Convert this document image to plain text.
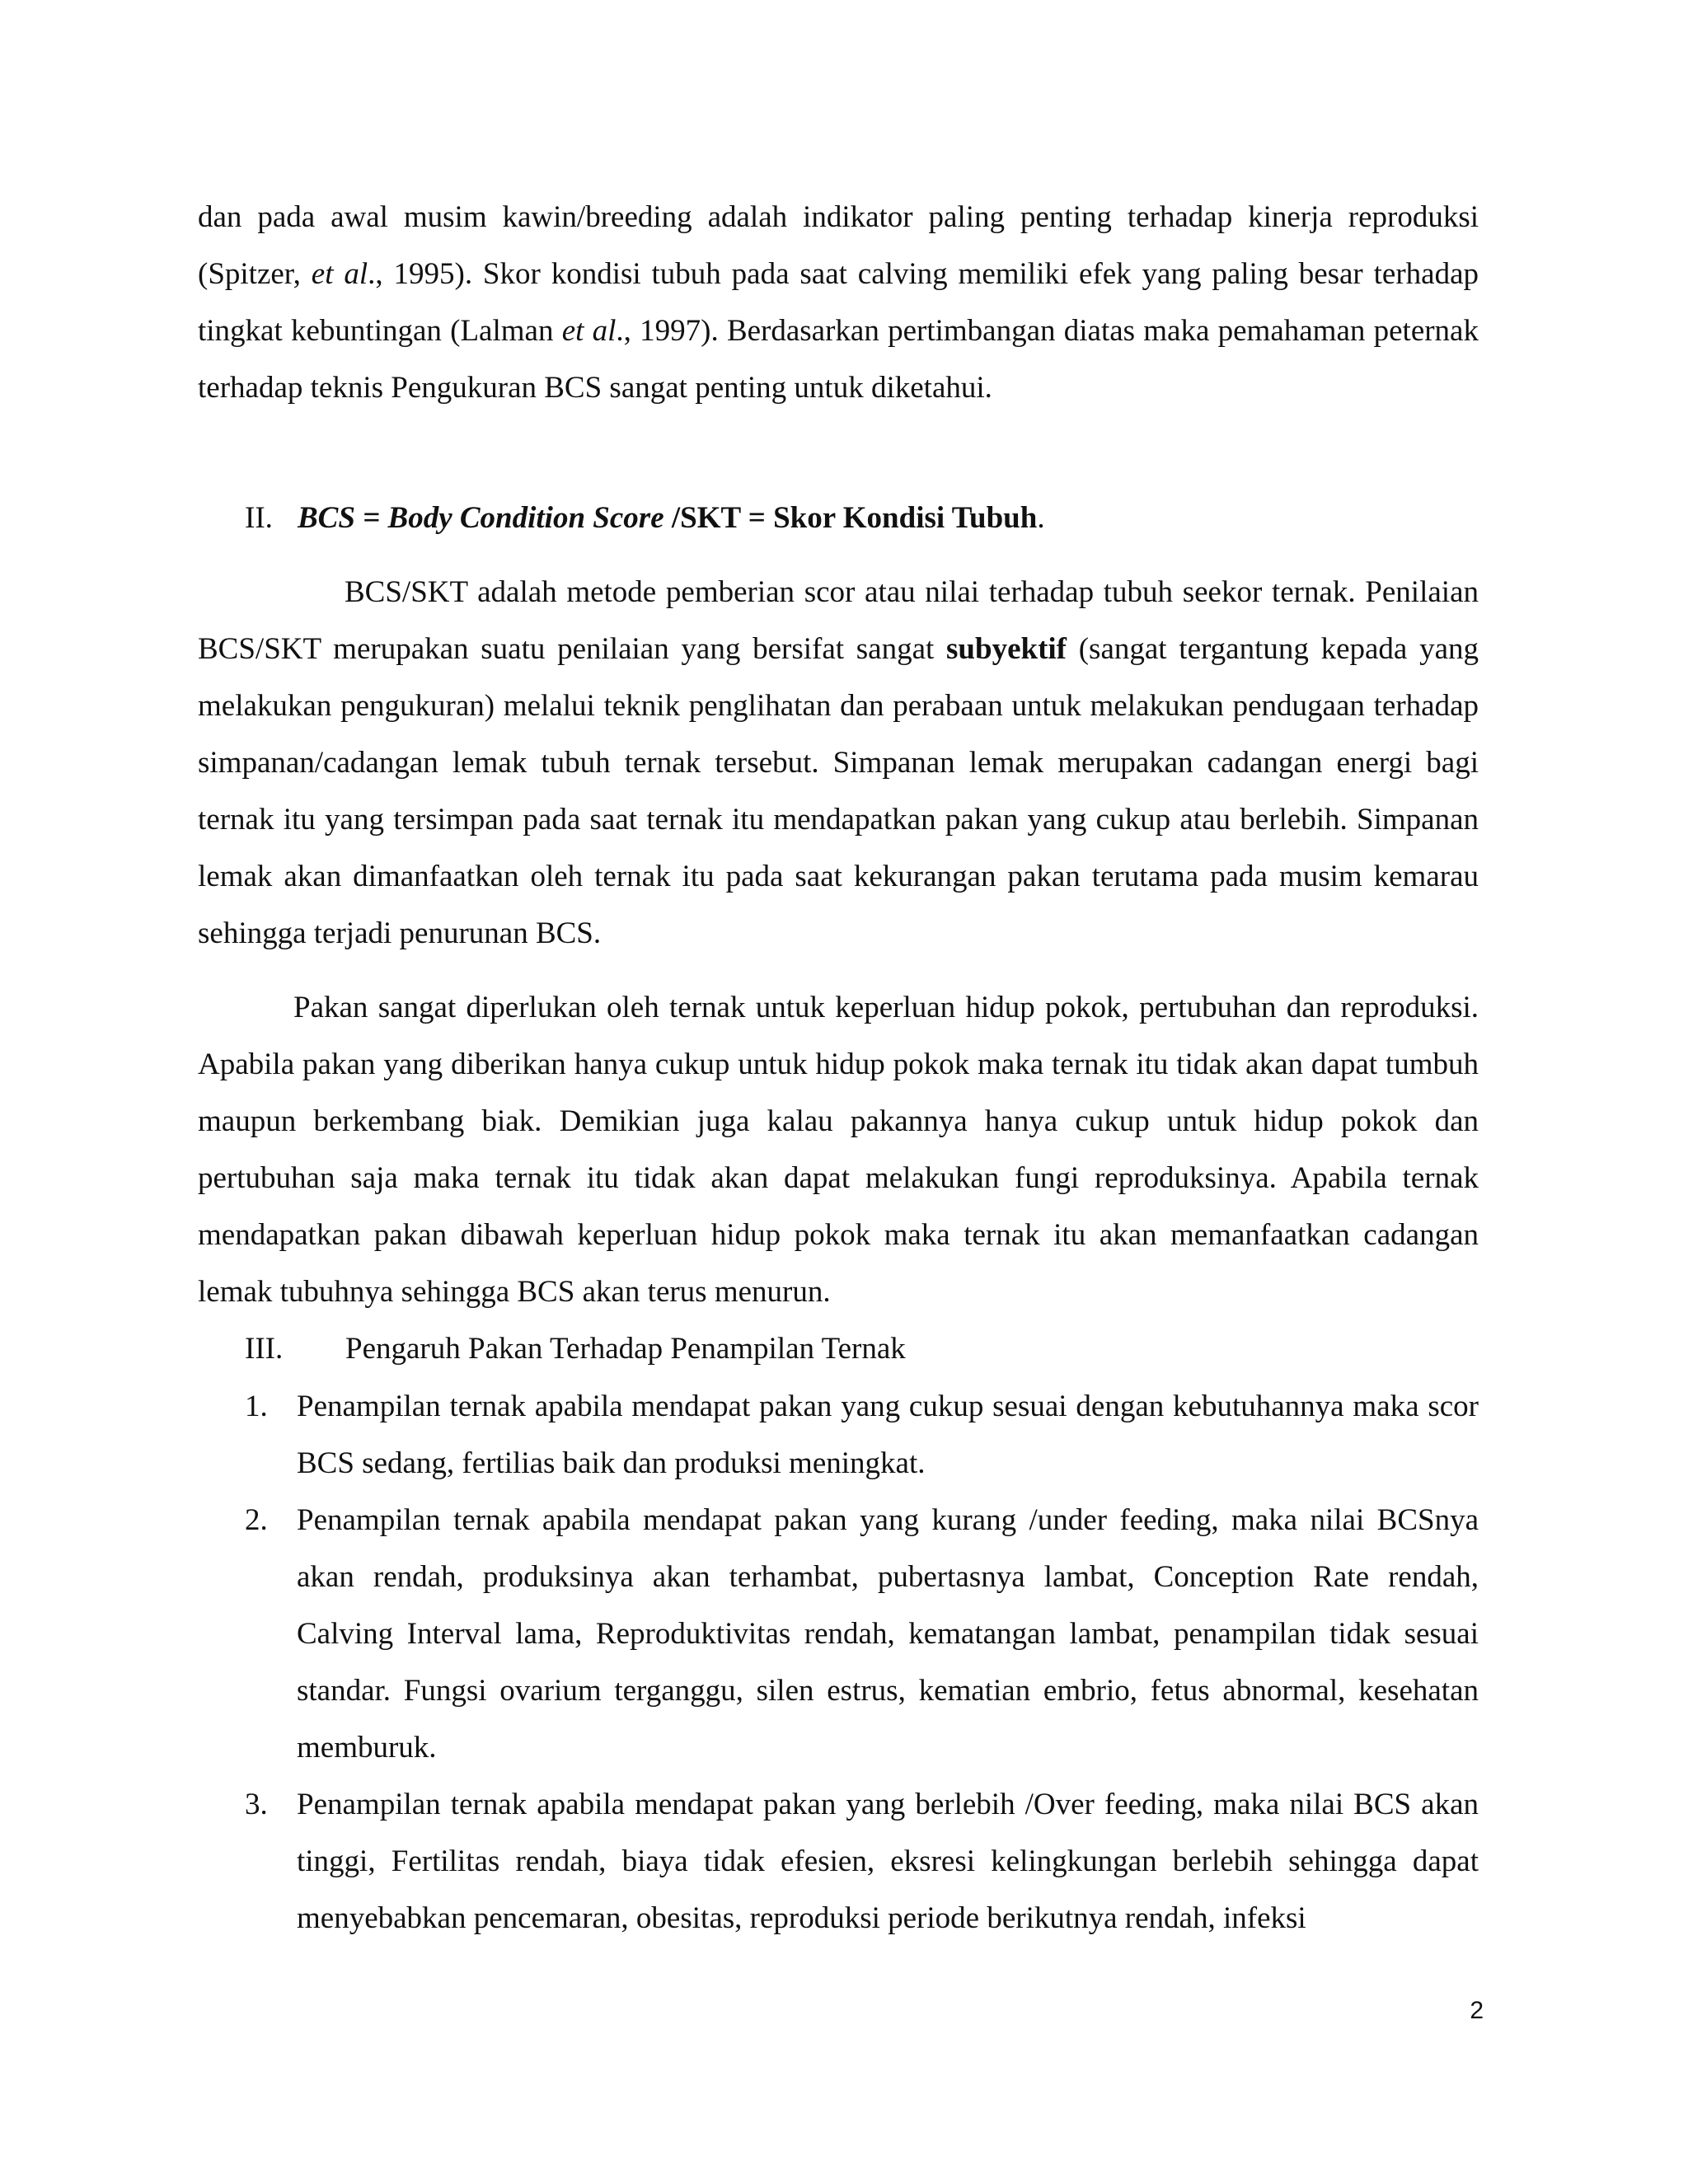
dan pada awal musim kawin/breeding adalah indikator paling penting terhadap kinerja reproduksi (Spitzer, et al., 1995). Skor kondisi tubuh pada saat calving memiliki efek yang paling besar terhadap tingkat kebuntingan (Lalman et al., 1997). Berdasarkan pertimbangan diatas maka pemahaman peternak terhadap teknis Pengukuran BCS sangat penting untuk diketahui.

II. BCS = Body Condition Score /SKT = Skor Kondisi Tubuh.

BCS/SKT adalah metode pemberian scor atau nilai terhadap tubuh seekor ternak. Penilaian BCS/SKT merupakan suatu penilaian yang bersifat sangat subyektif (sangat tergantung kepada yang melakukan pengukuran) melalui teknik penglihatan dan perabaan untuk melakukan pendugaan terhadap simpanan/cadangan lemak tubuh ternak tersebut. Simpanan lemak merupakan cadangan energi bagi ternak itu yang tersimpan pada saat ternak itu mendapatkan pakan yang cukup atau berlebih. Simpanan lemak akan dimanfaatkan oleh ternak itu pada saat kekurangan pakan terutama pada musim kemarau sehingga terjadi penurunan BCS.

Pakan sangat diperlukan oleh ternak untuk keperluan hidup pokok, pertubuhan dan reproduksi. Apabila pakan yang diberikan hanya cukup untuk hidup pokok maka ternak itu tidak akan dapat tumbuh maupun berkembang biak. Demikian juga kalau pakannya hanya cukup untuk hidup pokok dan pertubuhan saja maka ternak itu tidak akan dapat melakukan fungi reproduksinya. Apabila ternak mendapatkan pakan dibawah keperluan hidup pokok maka ternak itu akan memanfaatkan cadangan lemak tubuhnya sehingga BCS akan terus menurun.

III. Pengaruh Pakan Terhadap Penampilan Ternak

1. Penampilan ternak apabila mendapat pakan yang cukup sesuai dengan kebutuhannya maka scor BCS sedang, fertilias baik dan produksi meningkat.
2. Penampilan ternak apabila mendapat pakan yang kurang /under feeding, maka nilai BCSnya akan rendah, produksinya akan terhambat, pubertasnya lambat, Conception Rate rendah, Calving Interval lama, Reproduktivitas rendah, kematangan lambat, penampilan tidak sesuai standar. Fungsi ovarium terganggu, silen estrus, kematian embrio, fetus abnormal, kesehatan memburuk.
3. Penampilan ternak apabila mendapat pakan yang berlebih /Over feeding, maka nilai BCS akan tinggi, Fertilitas rendah, biaya tidak efesien, eksresi kelingkungan berlebih sehingga dapat menyebabkan pencemaran, obesitas, reproduksi periode berikutnya rendah, infeksi
2
